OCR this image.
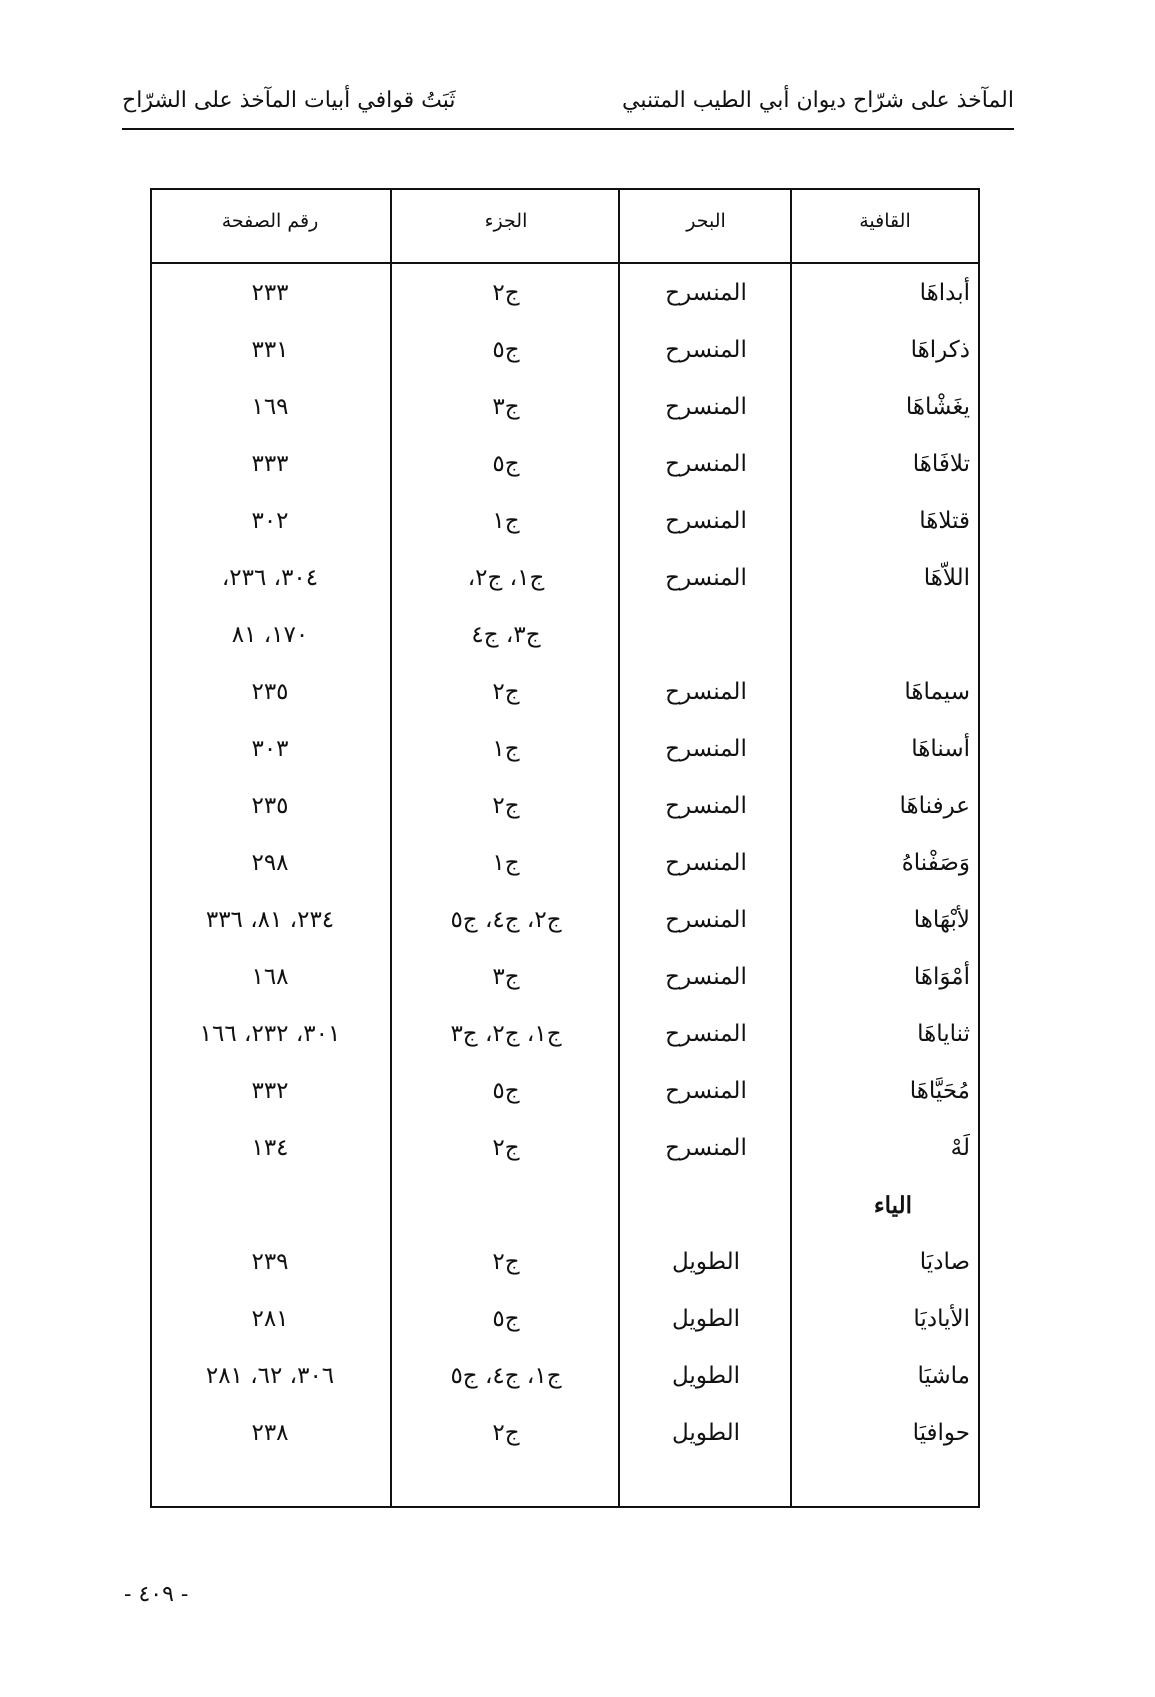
المآخذ على شرّاح ديوان أبي الطيب المتنبي
ثَبَتُ قوافي أبيات المآخذ على الشرّاح
القافية
البحر
الجزء
رقم الصفحة
أبداهَا
المنسرح
ج٢
٢٣٣
ذكراهَا
المنسرح
ج٥
٣٣١
يغَشْاهَا
المنسرح
ج٣
١٦٩
تلافَاهَا
المنسرح
ج٥
٣٣٣
قتلاهَا
المنسرح
ج١
٣٠٢
اللاّهَا
المنسرح
ج١، ج٢،
٣٠٤، ٢٣٦،
ج٣، ج٤
١٧٠، ٨١
سيماهَا
المنسرح
ج٢
٢٣٥
أسناهَا
المنسرح
ج١
٣٠٣
عرفناهَا
المنسرح
ج٢
٢٣٥
وَصَفْناهُ
المنسرح
ج١
٢٩٨
لأبْهَاها
المنسرح
ج٢، ج٤، ج٥
٢٣٤، ٨١، ٣٣٦
أمْوَاهَا
المنسرح
ج٣
١٦٨
ثناياهَا
المنسرح
ج١، ج٢، ج٣
٣٠١، ٢٣٢، ١٦٦
مُحَيَّاهَا
المنسرح
ج٥
٣٣٢
لَهْ
المنسرح
ج٢
١٣٤
الياء
صاديَا
الطويل
ج٢
٢٣٩
الأياديَا
الطويل
ج٥
٢٨١
ماشيَا
الطويل
ج١، ج٤، ج٥
٣٠٦، ٦٢، ٢٨١
حوافيَا
الطويل
ج٢
٢٣٨
- ٤٠٩ -
